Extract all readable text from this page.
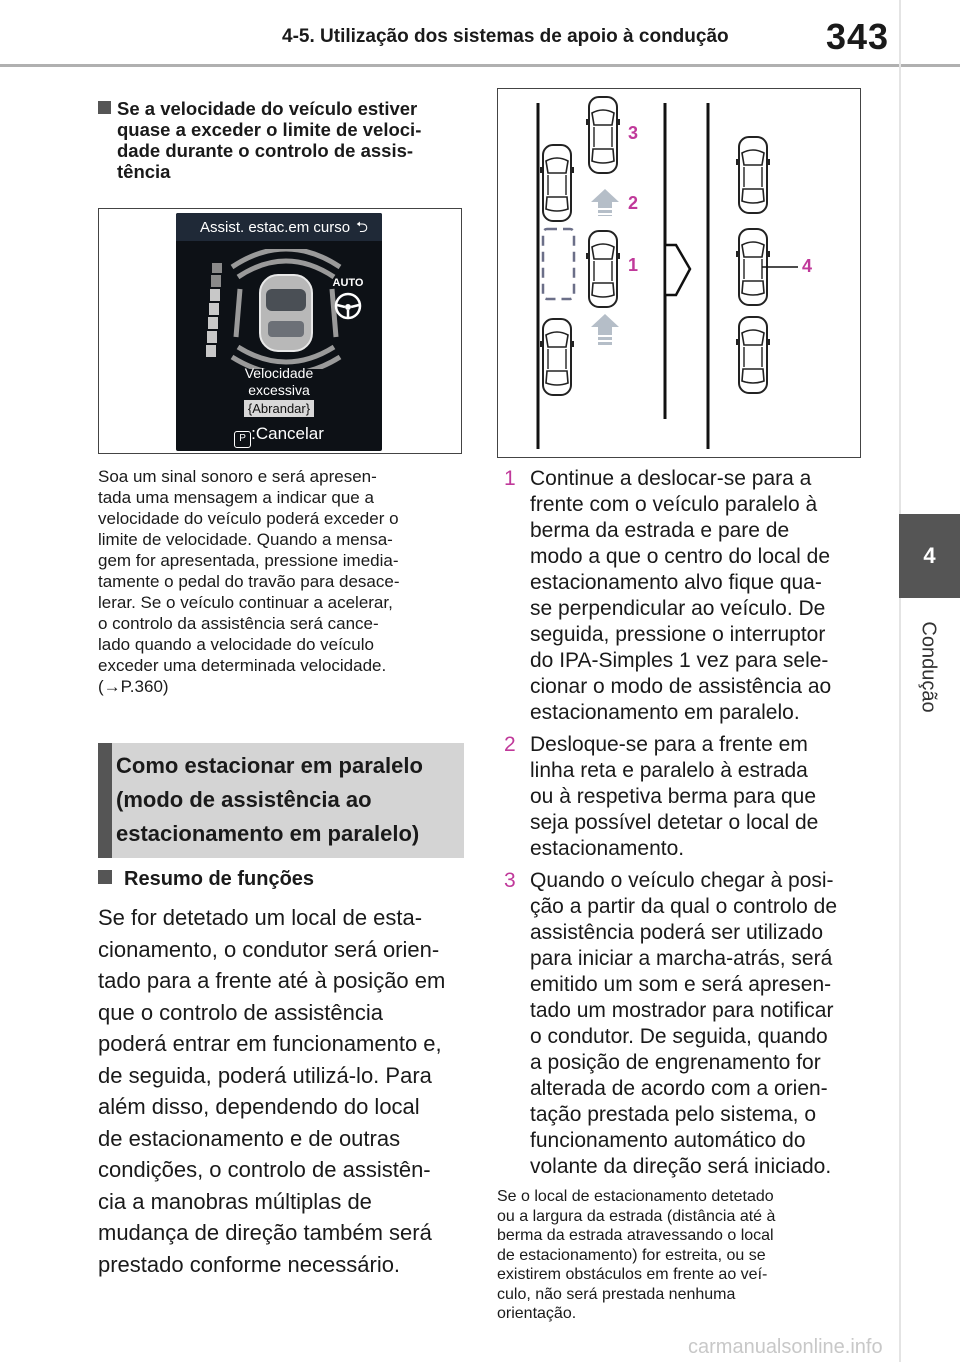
4-5. Utilização dos sistemas de apoio à condução	343
4
Condução
Se a velocidade do veículo estiver quase a exceder o limite de veloci-dade durante o controlo de assis-tência
Assist. estac.em curso ⮌
AUTO
Velocidade
excessiva
{Abrandar}
P :Cancelar

Soa um sinal sonoro e será apresen-

tada uma mensagem a indicar que a

velocidade do veículo poderá exceder o

limite de velocidade. Quando a mensa-

gem for apresentada, pressione imedia-

tamente o pedal do travão para desace-

lerar. Se o veículo continuar a acelerar,

o controlo da assistência será cance-

lado quando a velocidade do veículo

exceder uma determinada velocidade.

(→P.360)

Como estacionar em paralelo
(modo de assistência ao
estacionamento em paralelo)
Resumo de funções

Se for detetado um local de esta-

cionamento, o condutor será orien-

tado para a frente até à posição em

que o controlo de assistência

poderá entrar em funcionamento e,

de seguida, poderá utilizá-lo. Para

além disso, dependendo do local

de estacionamento e de outras

condições, o controlo de assistên-

cia a manobras múltiplas de

mudança de direção também será

prestado conforme necessário.

3
2
1	4
1 Continue a deslocar-se para a

frente com o veículo paralelo à

berma da estrada e pare de

modo a que o centro do local de

estacionamento alvo fique qua-

se perpendicular ao veículo. De

seguida, pressione o interruptor

do IPA-Simples 1 vez para sele-

cionar o modo de assistência ao

estacionamento em paralelo.

2 Desloque-se para a frente em

linha reta e paralelo à estrada

ou à respetiva berma para que

seja possível detetar o local de

estacionamento.

3 Quando o veículo chegar à posi-

ção a partir da qual o controlo de

assistência poderá ser utilizado

para iniciar a marcha-atrás, será

emitido um som e será apresen-

tado um mostrador para notificar

o condutor. De seguida, quando

a posição de engrenamento for

alterada de acordo com a orien-

tação prestada pelo sistema, o

funcionamento automático do

volante da direção será iniciado.

Se o local de estacionamento detetado

ou a largura da estrada (distância até à

berma da estrada atravessando o local

de estacionamento) for estreita, ou se

existirem obstáculos em frente ao veí-

culo, não será prestada nenhuma

orientação.

carmanualsonline.info
